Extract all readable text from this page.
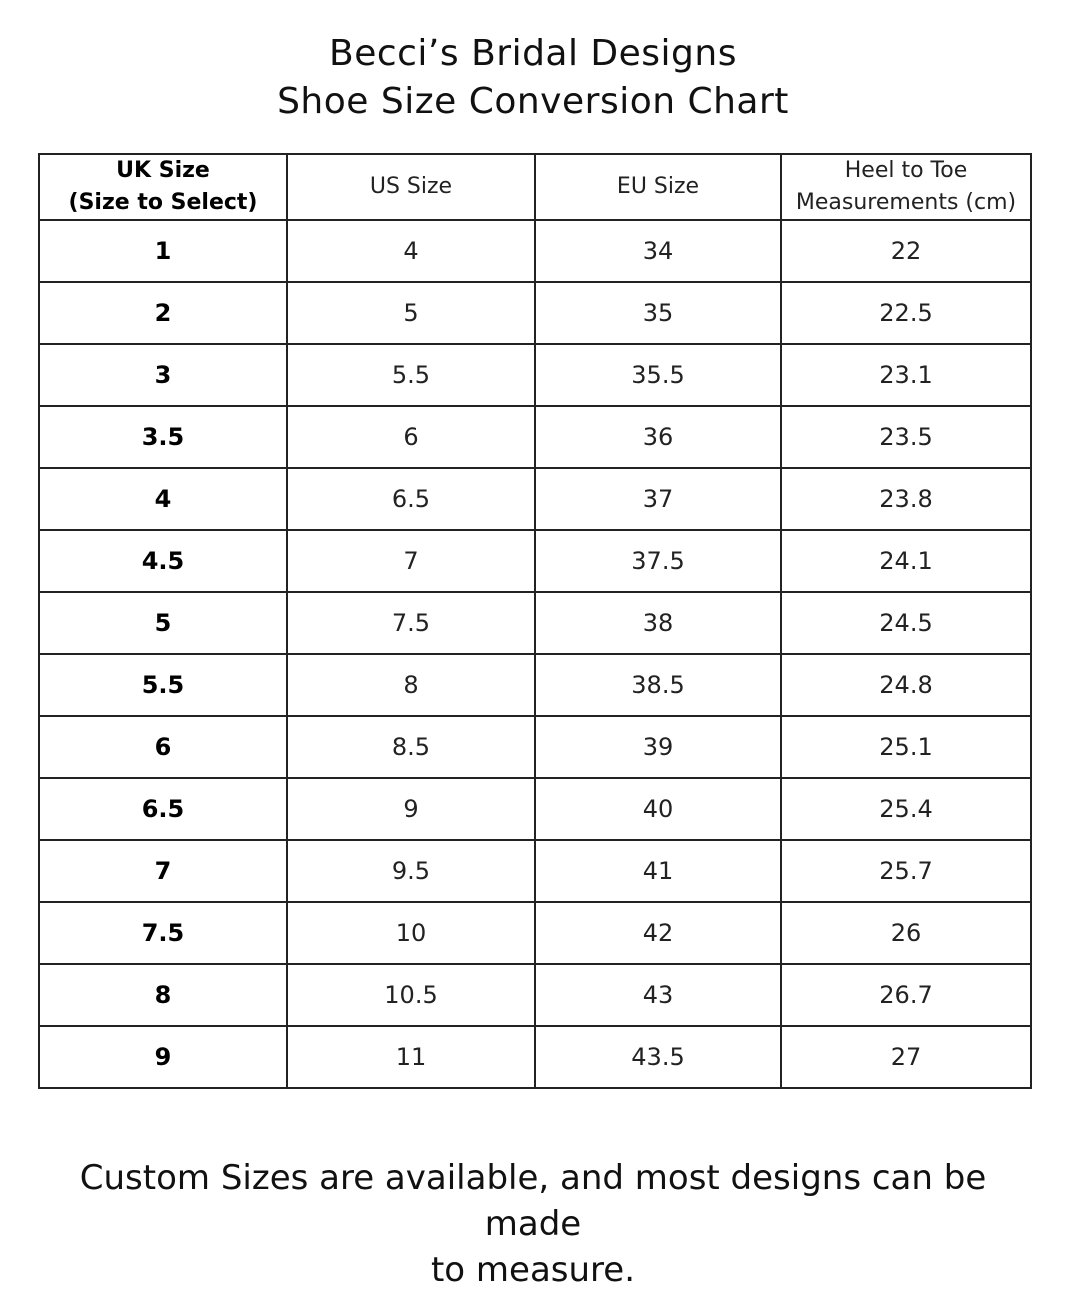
Becci’s Bridal Designs
Shoe Size Conversion Chart
UK Size
(Size to Select)	US Size	EU Size	Heel to Toe
Measurements (cm)

1	4	34	22
2	5	35	22.5
3	5.5	35.5	23.1
3.5	6	36	23.5
4	6.5	37	23.8
4.5	7	37.5	24.1
5	7.5	38	24.5
5.5	8	38.5	24.8
6	8.5	39	25.1
6.5	9	40	25.4
7	9.5	41	25.7
7.5	10	42	26
8	10.5	43	26.7
9	11	43.5	27
Custom Sizes are available, and most designs can be made
to measure.
